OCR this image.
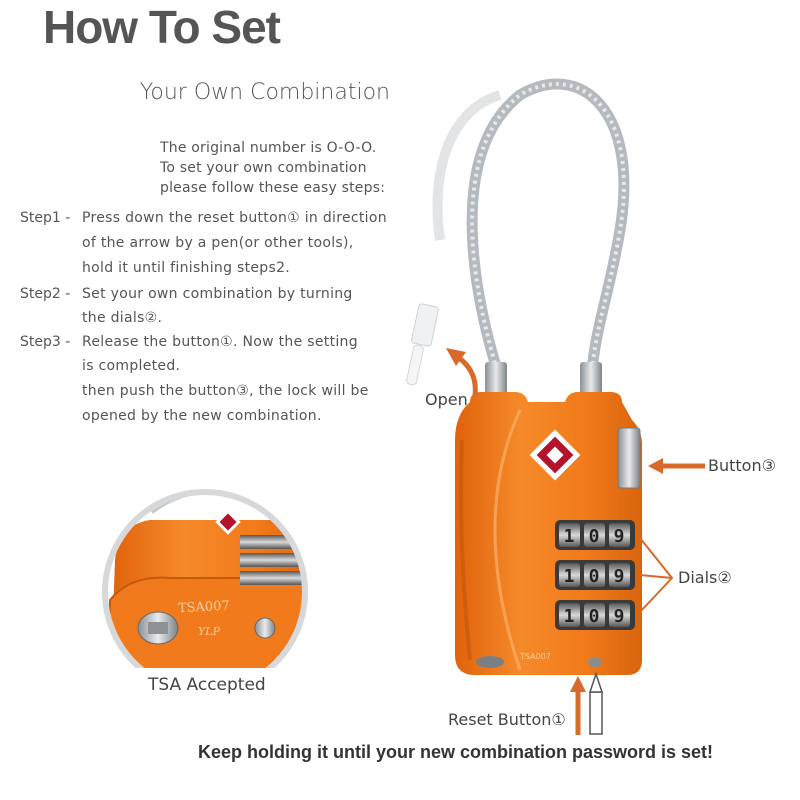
1 0 9
1 0 9
1 0 9
How To Set
Your Own Combination
The original number is O-O-O.
To set your own combination
please follow these easy steps:
Step1 - Press down the reset button① in direction
of the arrow by a pen(or other tools),
hold it until finishing steps2.
Step2 - Set your own combination by turning
the dials②.
Step3 - Release the button①. Now the setting
is completed.
then push the button③, the lock will be
opened by the new combination.
Open
Button③
Dials②
Reset Button①
TSA Accepted
TSA007
YLP
TSA007
Keep holding it until your new combination password is set!
